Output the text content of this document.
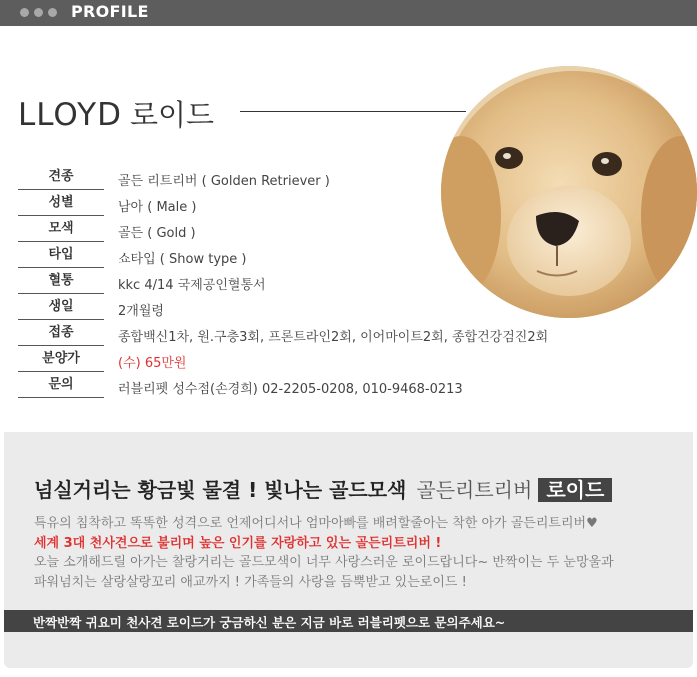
PROFILE
LLOYD 로이드
견종	골든 리트리버 ( Golden Retriever )
성별	남아 ( Male )
모색	골든 ( Gold )
타입	쇼타입 ( Show type )
혈통	kkc 4/14 국제공인혈통서
생일	2개월령
접종	종합백신1차, 원.구충3회, 프론트라인2회, 이어마이트2회, 종합건강검진2회
분양가	(수) 65만원
문의	러블리펫 성수점(손경희) 02-2205-0208, 010-9468-0213
넘실거리는 황금빛 물결 ! 빛나는 골드모색 골든리트리버 로이드
특유의 침착하고 똑똑한 성격으로 언제어디서나 엄마아빠를 배려할줄아는 착한 아가 골든리트리버♥
세계 3대 천사견으로 불리며 높은 인기를 자랑하고 있는 골든리트리버 !
오늘 소개해드릴 아가는 찰랑거리는 골드모색이 너무 사랑스러운 로이드랍니다~ 반짝이는 두 눈망울과
파워넘치는 살랑살랑꼬리 애교까지 ! 가족들의 사랑을 듬뿍받고 있는로이드 !
반짝반짝 귀요미 천사견 로이드가 궁금하신 분은 지금 바로 러블리펫으로 문의주세요~
